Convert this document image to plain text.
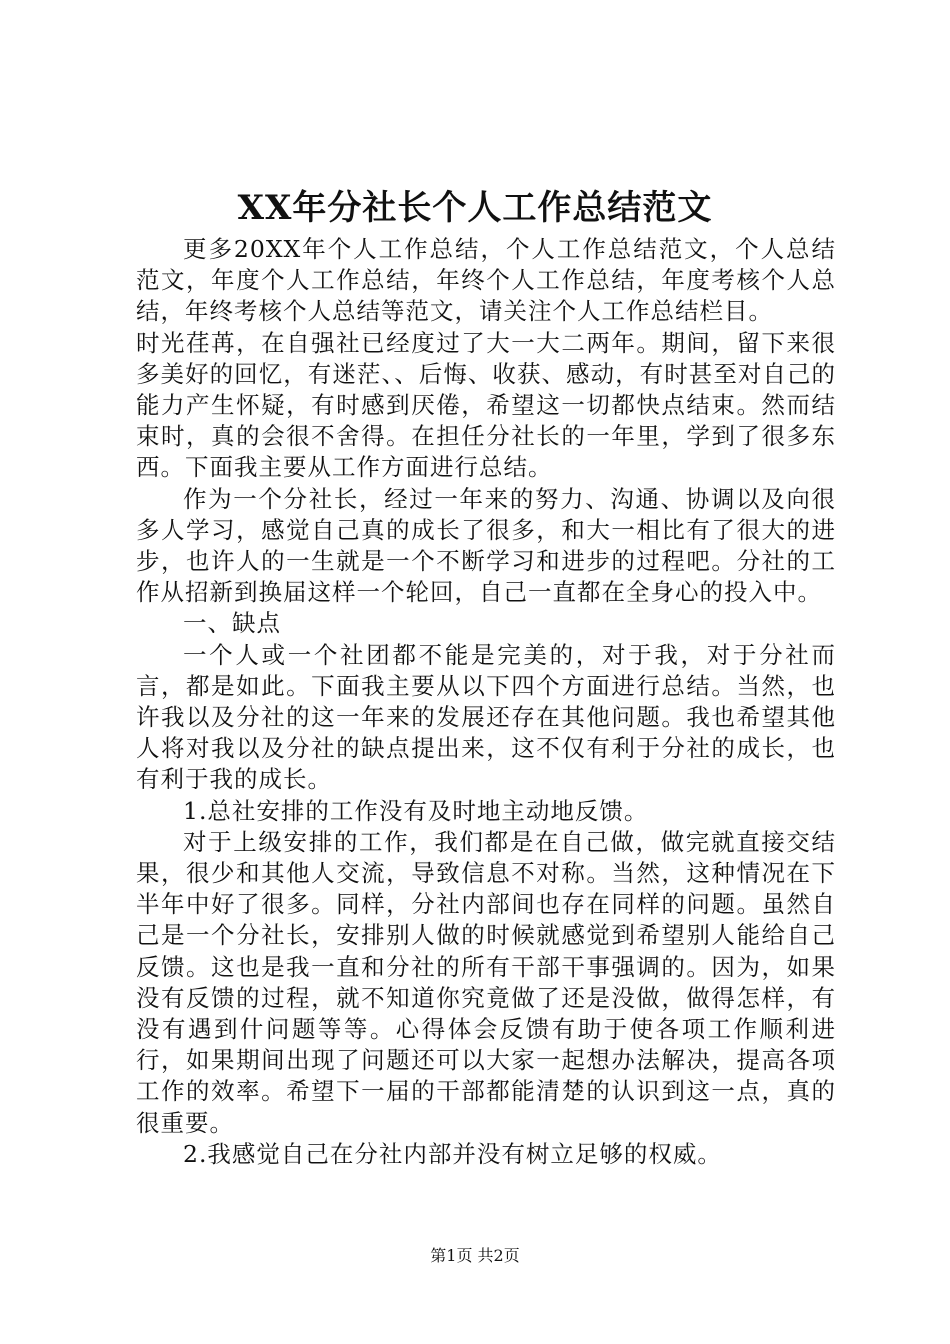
XX年分社长个人工作总结范文

更多20XX年个人工作总结，个人工作总结范文，个人总结范文，年度个人工作总结，年终个人工作总结，年度考核个人总结，年终考核个人总结等范文，请关注个人工作总结栏目。

时光荏苒，在自强社已经度过了大一大二两年。期间，留下来很多美好的回忆，有迷茫、、后悔、收获、感动，有时甚至对自己的能力产生怀疑，有时感到厌倦，希望这一切都快点结束。然而结束时，真的会很不舍得。在担任分社长的一年里，学到了很多东西。下面我主要从工作方面进行总结。

作为一个分社长，经过一年来的努力、沟通、协调以及向很多人学习，感觉自己真的成长了很多，和大一相比有了很大的进步，也许人的一生就是一个不断学习和进步的过程吧。分社的工作从招新到换届这样一个轮回，自己一直都在全身心的投入中。

一、缺点

一个人或一个社团都不能是完美的，对于我，对于分社而言，都是如此。下面我主要从以下四个方面进行总结。当然，也许我以及分社的这一年来的发展还存在其他问题。我也希望其他人将对我以及分社的缺点提出来，这不仅有利于分社的成长，也有利于我的成长。

1.总社安排的工作没有及时地主动地反馈。

对于上级安排的工作，我们都是在自己做，做完就直接交结果，很少和其他人交流，导致信息不对称。当然，这种情况在下半年中好了很多。同样，分社内部间也存在同样的问题。虽然自己是一个分社长，安排别人做的时候就感觉到希望别人能给自己反馈。这也是我一直和分社的所有干部干事强调的。因为，如果没有反馈的过程，就不知道你究竟做了还是没做，做得怎样，有没有遇到什问题等等。心得体会反馈有助于使各项工作顺利进行，如果期间出现了问题还可以大家一起想办法解决，提高各项工作的效率。希望下一届的干部都能清楚的认识到这一点，真的很重要。

2.我感觉自己在分社内部并没有树立足够的权威。

第1页 共2页
